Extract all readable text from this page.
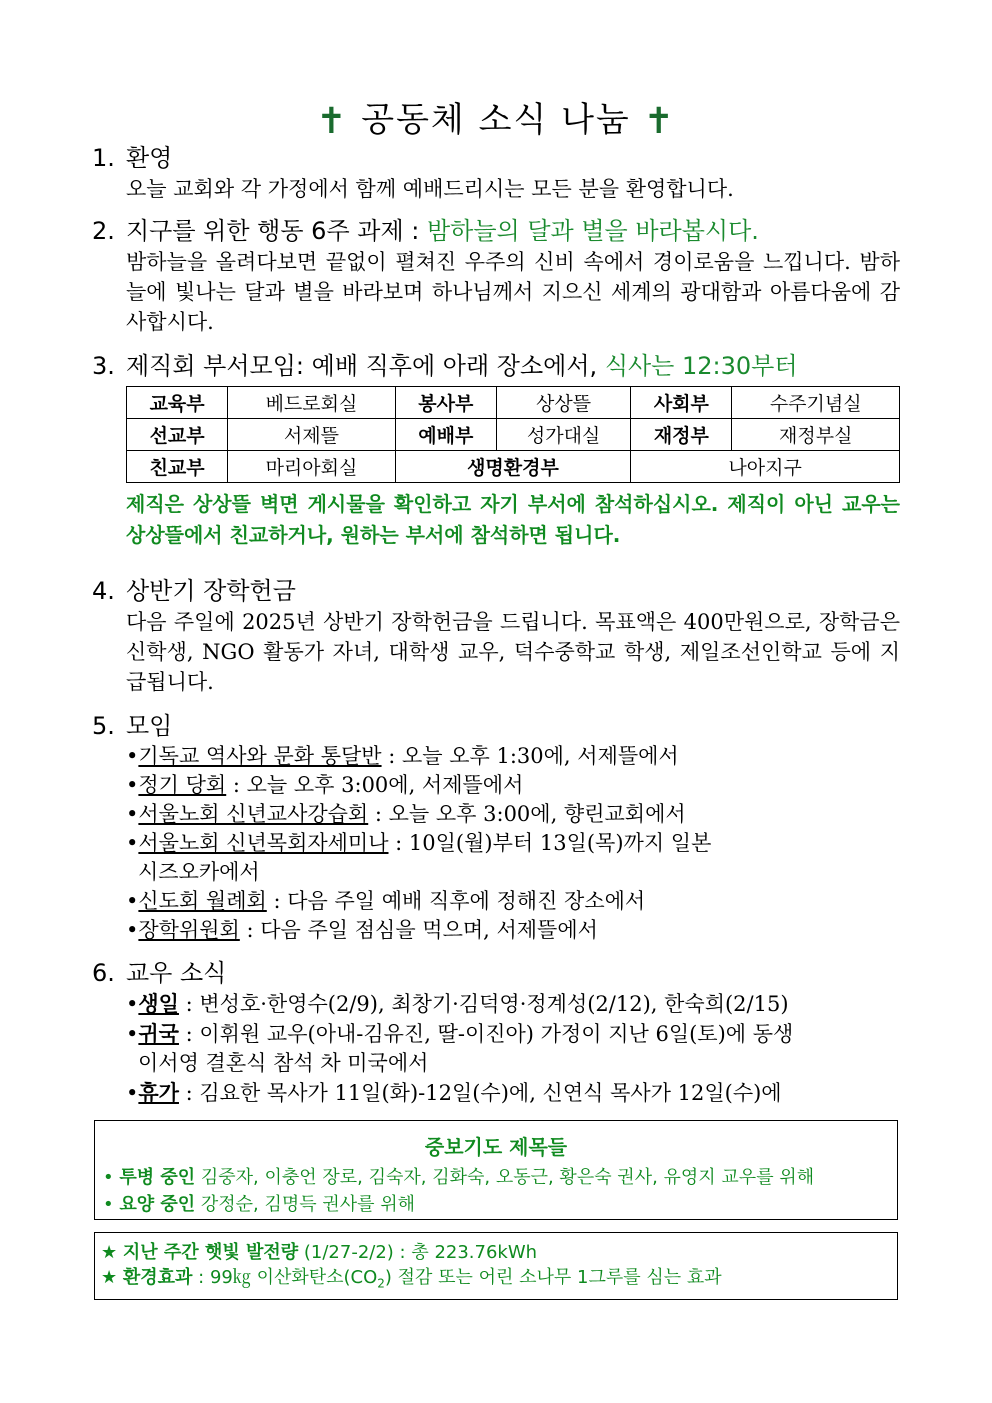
✝ 공동체 소식 나눔 ✝
1. 환영
오늘 교회와 각 가정에서 함께 예배드리시는 모든 분을 환영합니다.
2. 지구를 위한 행동 6주 과제 : 밤하늘의 달과 별을 바라봅시다.
밤하늘을 올려다보면 끝없이 펼쳐진 우주의 신비 속에서 경이로움을 느낍니다. 밤하늘에 빛나는 달과 별을 바라보며 하나님께서 지으신 세계의 광대함과 아름다움에 감사합시다.
3. 제직회 부서모임: 예배 직후에 아래 장소에서, 식사는 12:30부터
교육부	베드로회실	봉사부	상상뜰	사회부	수주기념실
선교부	서제뜰	예배부	성가대실	재정부	재정부실
친교부	마리아회실	생명환경부		나아지구	
제직은 상상뜰 벽면 게시물을 확인하고 자기 부서에 참석하십시오. 제직이 아닌 교우는 상상뜰에서 친교하거나, 원하는 부서에 참석하면 됩니다.
4. 상반기 장학헌금
다음 주일에 2025년 상반기 장학헌금을 드립니다. 목표액은 400만원으로, 장학금은 신학생, NGO 활동가 자녀, 대학생 교우, 덕수중학교 학생, 제일조선인학교 등에 지급됩니다.
5. 모임
•기독교 역사와 문화 통달반 : 오늘 오후 1:30에, 서제뜰에서
•정기 당회 : 오늘 오후 3:00에, 서제뜰에서
•서울노회 신년교사강습회 : 오늘 오후 3:00에, 향린교회에서
•서울노회 신년목회자세미나 : 10일(월)부터 13일(목)까지 일본
시즈오카에서
•신도회 월례회 : 다음 주일 예배 직후에 정해진 장소에서
•장학위원회 : 다음 주일 점심을 먹으며, 서제뜰에서
6. 교우 소식
•생일 : 변성호·한영수(2/9), 최창기·김덕영·정계성(2/12), 한숙희(2/15)
•귀국 : 이휘원 교우(아내-김유진, 딸-이진아) 가정이 지난 6일(토)에 동생
이서영 결혼식 참석 차 미국에서
•휴가 : 김요한 목사가 11일(화)-12일(수)에, 신연식 목사가 12일(수)에
중보기도 제목들
• 투병 중인 김중자, 이충언 장로, 김숙자, 김화숙, 오동근, 황은숙 권사, 유영지 교우를 위해
• 요양 중인 강정순, 김명득 권사를 위해
★ 지난 주간 햇빛 발전량 (1/27-2/2) : 총 223.76kWh
★ 환경효과 : 99㎏ 이산화탄소$(CO_2)$ 절감 또는 어린 소나무 1그루를 심는 효과
